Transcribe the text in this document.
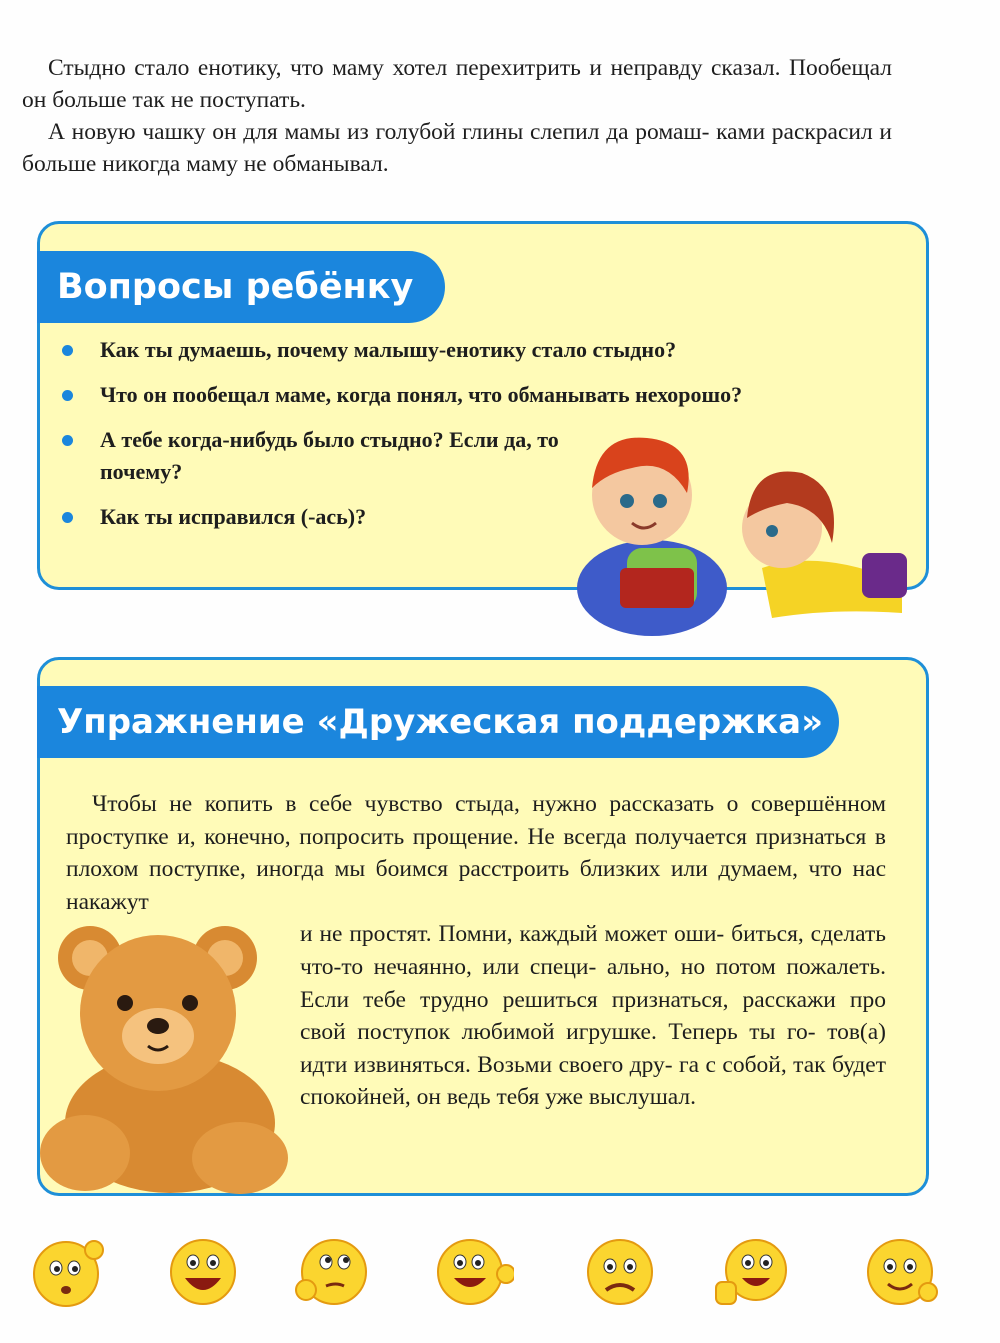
Стыдно стало енотику, что маму хотел перехитрить и неправду сказал. Пообещал он больше так не поступать.

А новую чашку он для мамы из голубой глины слепил да ромаш- ками раскрасил и больше никогда маму не обманывал.

Вопросы ребёнку
Как ты думаешь, почему малышу-енотику стало стыдно?
Что он пообещал маме, когда понял, что обманывать нехорошо?
А тебе когда-нибудь было стыдно? Если да, то почему?
Как ты исправился (-ась)?
Упражнение «Дружеская поддержка»

Чтобы не копить в себе чувство стыда, нужно рассказать о совершённом проступке и, конечно, попросить прощение. Не всегда получается признаться в плохом поступке, иногда мы боимся расстроить близких или думаем, что нас накажут

и не простят. Помни, каждый может оши- биться, сделать что-то нечаянно, или специ- ально, но потом пожалеть. Если тебе трудно решиться признаться, расскажи про свой поступок любимой игрушке. Теперь ты го- тов(а) идти извиняться. Возьми своего дру- га с собой, так будет спокойней, он ведь тебя уже выслушал.
